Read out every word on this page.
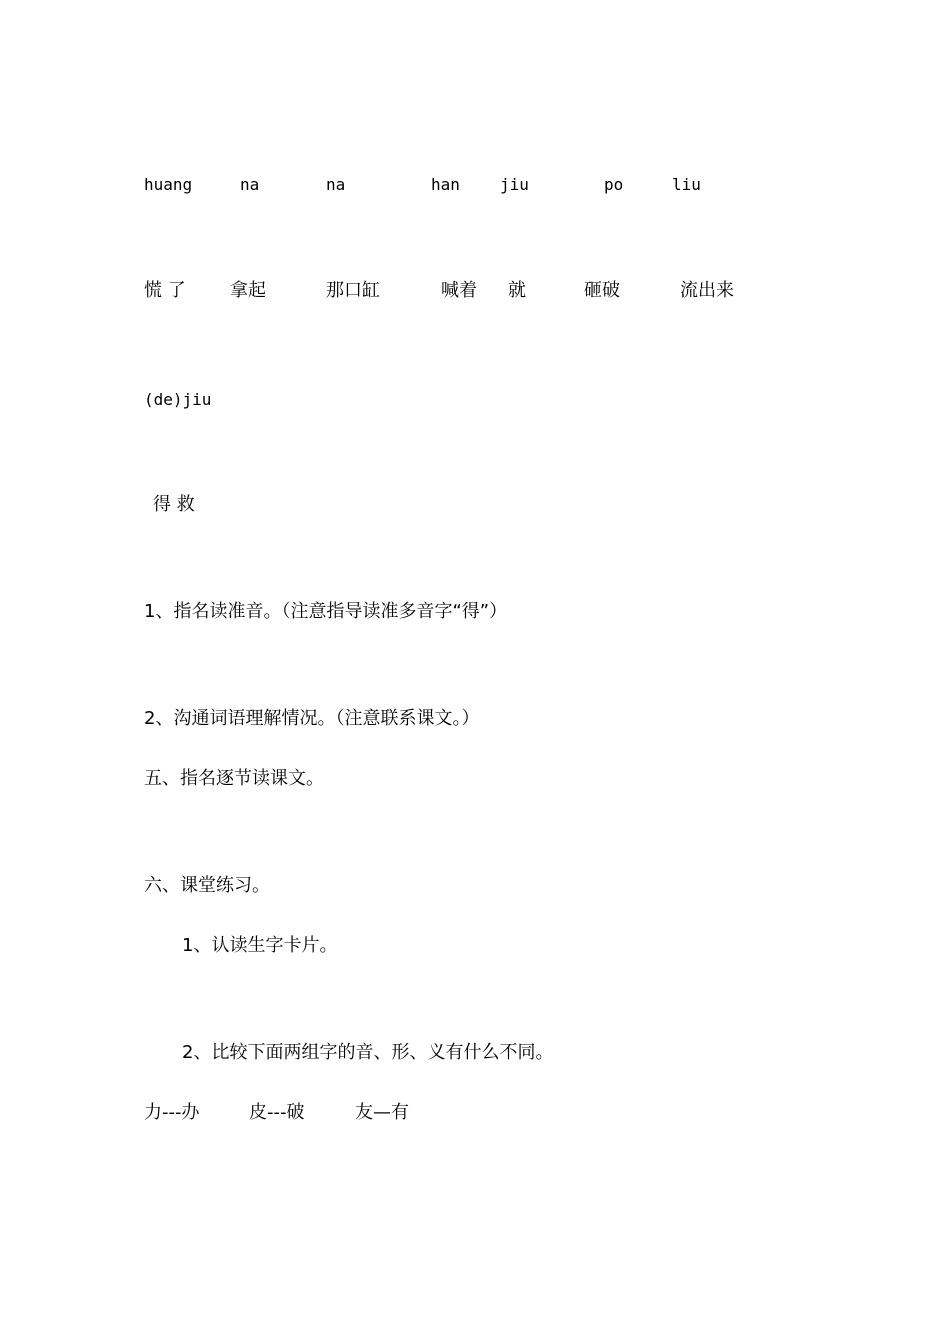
huang	na	na	han	jiu	po	liu
慌 了 拿起	那口缸	喊着 就	砸破	流出来
(de)jiu
得 救
1、指名读准音。（注意指导读准多音字“得”）
2、沟通词语理解情况。（注意联系课文。）
五、指名逐节读课文。
六、课堂练习。
1、认读生字卡片。
2、比较下面两组字的音、形、义有什么不同。
力---办	皮---破	友—有
